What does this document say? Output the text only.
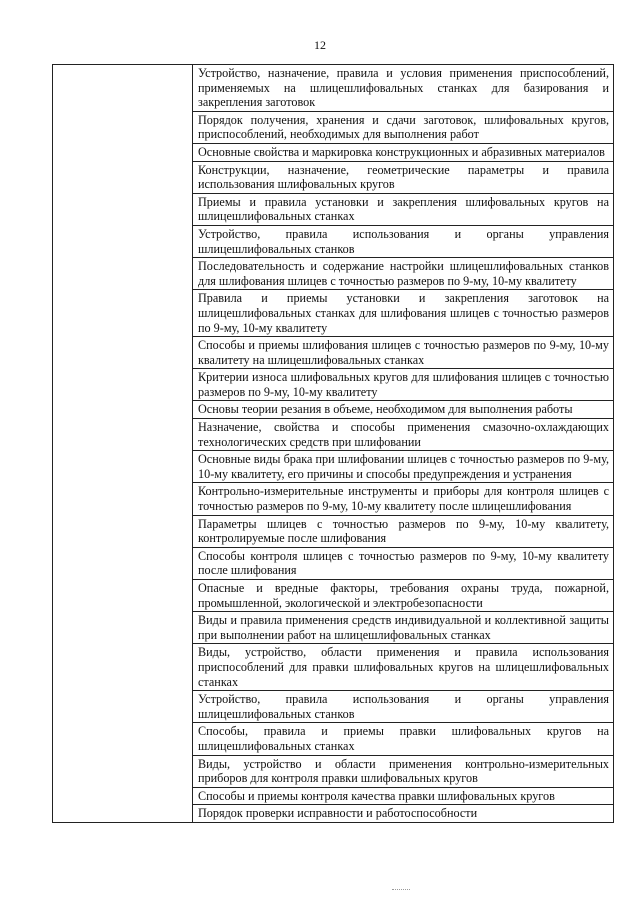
12
	Устройство, назначение, правила и условия применения приспособлений, применяемых на шлицешлифовальных станках для базирования и закрепления заготовок
Порядок получения, хранения и сдачи заготовок, шлифовальных кругов, приспособлений, необходимых для выполнения работ
Основные свойства и маркировка конструкционных и абразивных материалов
Конструкции, назначение, геометрические параметры и правила использования шлифовальных кругов
Приемы и правила установки и закрепления шлифовальных кругов на шлицешлифовальных станках
Устройство, правила использования и органы управления шлицешлифовальных станков
Последовательность и содержание настройки шлицешлифовальных станков для шлифования шлицев с точностью размеров по 9-му, 10-му квалитету
Правила и приемы установки и закрепления заготовок на шлицешлифовальных станках для шлифования шлицев с точностью размеров по 9-му, 10-му квалитету
Способы и приемы шлифования шлицев с точностью размеров по 9-му, 10-му квалитету на шлицешлифовальных станках
Критерии износа шлифовальных кругов для шлифования шлицев с точностью размеров по 9-му, 10-му квалитету
Основы теории резания в объеме, необходимом для выполнения работы
Назначение, свойства и способы применения смазочно-охлаждающих технологических средств при шлифовании
Основные виды брака при шлифовании шлицев с точностью размеров по 9-му, 10-му квалитету, его причины и способы предупреждения и устранения
Контрольно-измерительные инструменты и приборы для контроля шлицев с точностью размеров по 9-му, 10-му квалитету после шлицешлифования
Параметры шлицев с точностью размеров по 9-му, 10-му квалитету, контролируемые после шлифования
Способы контроля шлицев с точностью размеров по 9-му, 10-му квалитету после шлифования
Опасные и вредные факторы, требования охраны труда, пожарной, промышленной, экологической и электробезопасности
Виды и правила применения средств индивидуальной и коллективной защиты при выполнении работ на шлицешлифовальных станках
Виды, устройство, области применения и правила использования приспособлений для правки шлифовальных кругов на шлицешлифовальных станках
Устройство, правила использования и органы управления шлицешлифовальных станков
Способы, правила и приемы правки шлифовальных кругов на шлицешлифовальных станках
Виды, устройство и области применения контрольно-измерительных приборов для контроля правки шлифовальных кругов
Способы и приемы контроля качества правки шлифовальных кругов
Порядок проверки исправности и работоспособности
